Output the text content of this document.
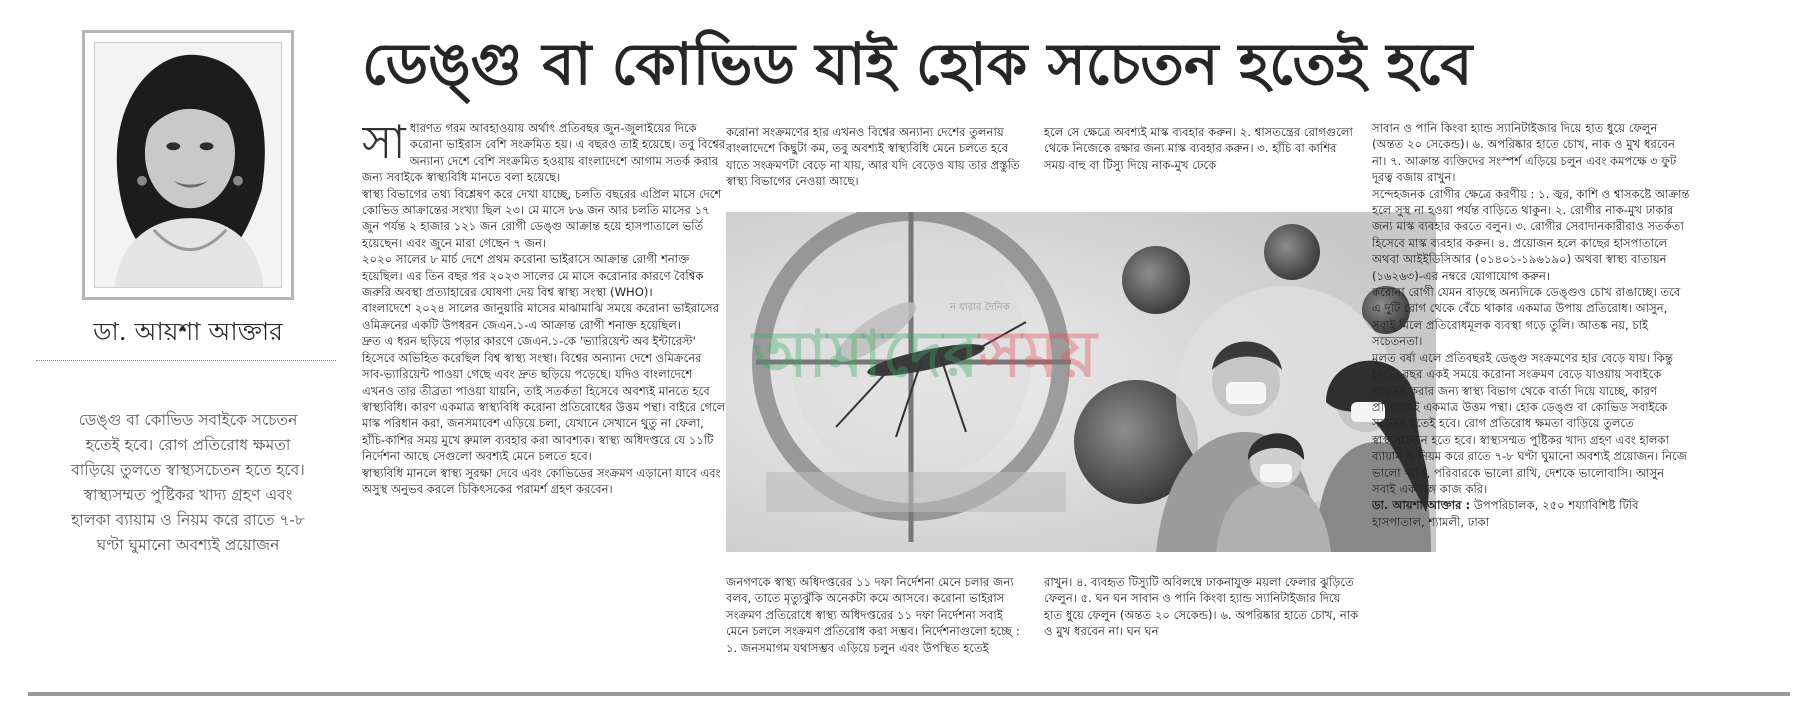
ডা. আয়শা আক্তার
ডেঙ্গু বা কোভিড সবাইকে সচেতন হতেই হবে। রোগ প্রতিরোধ ক্ষমতা বাড়িয়ে তুলতে স্বাস্থ্যসচেতন হতে হবে। স্বাস্থ্যসম্মত পুষ্টিকর খাদ্য গ্রহণ এবং হালকা ব্যায়াম ও নিয়ম করে রাতে ৭-৮ ঘণ্টা ঘুমানো অবশ্যই প্রয়োজন
ডেঙ্গু বা কোভিড যাই হোক সচেতন হতেই হবে
সা ধারণত গরম আবহাওয়ায় অর্থাৎ প্রতিবছর জুন-জুলাইয়ের দিকে করোনা ভাইরাস বেশি সংক্রমিত হয়। এ বছরও তাই হয়েছে। তবু বিশ্বের অন্যান্য দেশে বেশি সংক্রমিত হওয়ায় বাংলাদেশে আগাম সতর্ক করার জন্য সবাইকে স্বাস্থ্যবিধি মানতে বলা হয়েছে।

স্বাস্থ্য বিভাগের তথ্য বিশ্লেষণ করে দেখা যাচ্ছে, চলতি বছরের এপ্রিল মাসে দেশে কোভিড আক্রান্তের সংখ্যা ছিল ২৩। মে মাসে ৮৬ জন আর চলতি মাসের ১৭ জুন পর্যন্ত ২ হাজার ১২১ জন রোগী ডেঙ্গু আক্রান্ত হয়ে হাসপাতালে ভর্তি হয়েছেন। এবং জুনে মারা গেছেন ৭ জন।

২০২০ সালের ৮ মার্চ দেশে প্রথম করোনা ভাইরাসে আক্রান্ত রোগী শনাক্ত হয়েছিল। এর তিন বছর পর ২০২৩ সালের মে মাসে করোনার কারণে বৈশ্বিক জরুরি অবস্থা প্রত্যাহারের ঘোষণা দেয় বিশ্ব স্বাস্থ্য সংস্থা (WHO)।

বাংলাদেশে ২০২৪ সালের জানুয়ারি মাসের মাঝামাঝি সময়ে করোনা ভাইরাসের ওমিক্রনের একটি উপধরন জেএন.১-এ আক্রান্ত রোগী শনাক্ত হয়েছিল।

দ্রুত এ ধরন ছড়িয়ে পড়ার কারণে জেএন.১-কে 'ভ্যারিয়েন্ট অব ইন্টারেস্ট' হিসেবে অভিহিত করেছিল বিশ্ব স্বাস্থ্য সংস্থা। বিশ্বের অন্যান্য দেশে ওমিক্রনের সাব-ভ্যারিয়েন্ট পাওয়া গেছে এবং দ্রুত ছড়িয়ে পড়েছে। যদিও বাংলাদেশে এখনও তার তীব্রতা পাওয়া যায়নি, তাই সতর্কতা হিসেবে অবশ্যই মানতে হবে স্বাস্থ্যবিধি। কারণ একমাত্র স্বাস্থ্যবিধি করোনা প্রতিরোধের উত্তম পন্থা। বাইরে গেলে মাস্ক পরিধান করা, জনসমাবেশ এড়িয়ে চলা, যেখানে সেখানে থুতু না ফেলা, হাঁচি-কাশির সময় মুখে রুমাল ব্যবহার করা আবশ্যক। স্বাস্থ্য অধিদপ্তরে যে ১১টি নির্দেশনা আছে সেগুলো অবশ্যই মেনে চলতে হবে।

স্বাস্থ্যবিধি মানলে স্বাস্থ্য সুরক্ষা দেবে এবং কোভিডের সংক্রমণ এড়ানো যাবে এবং অসুস্থ অনুভব করলে চিকিৎসকের পরামর্শ গ্রহণ করবেন।

করোনা সংক্রমণের হার এখনও বিশ্বের অন্যান্য দেশের তুলনায় বাংলাদেশে কিছুটা কম, তবু অবশ্যই স্বাস্থ্যবিধি মেনে চলতে হবে যাতে সংক্রমণটা বেড়ে না যায়, আর যদি বেড়েও যায় তার প্রস্তুতি স্বাস্থ্য বিভাগের নেওয়া আছে।

হলে সে ক্ষেত্রে অবশ্যই মাস্ক ব্যবহার করুন। ২. শ্বাসতন্ত্রের রোগগুলো থেকে নিজেকে রক্ষার জন্য মাস্ক ব্যবহার করুন। ৩. হাঁচি বা কাশির সময় বাহু বা টিস্যু দিয়ে নাক-মুখ ঢেকে

ন ধারার দৈনিক
আমাদেরসময়

জনগণকে স্বাস্থ্য অধিদপ্তরের ১১ দফা নির্দেশনা মেনে চলার জন্য বলব, তাতে মৃত্যুঝুঁকি অনেকটা কমে আসবে। করোনা ভাইরাস সংক্রমণ প্রতিরোধে স্বাস্থ্য অধিদপ্তরের ১১ দফা নির্দেশনা সবাই মেনে চললে সংক্রমণ প্রতিরোধ করা সম্ভব। নির্দেশনাগুলো হচ্ছে : ১. জনসমাগম যথাসম্ভব এড়িয়ে চলুন এবং উপস্থিত হতেই

রাখুন। ৪. ব্যবহৃত টিস্যুটি অবিলম্বে ঢাকনাযুক্ত ময়লা ফেলার ঝুড়িতে ফেলুন। ৫. ঘন ঘন সাবান ও পানি কিংবা হ্যান্ড স্যানিটাইজার দিয়ে হাত ধুয়ে ফেলুন (অন্তত ২০ সেকেন্ড)। ৬. অপরিষ্কার হাতে চোখ, নাক ও মুখ ধরবেন না। ঘন ঘন

সাবান ও পানি কিংবা হ্যান্ড স্যানিটাইজার দিয়ে হাত ধুয়ে ফেলুন (অন্তত ২০ সেকেন্ড)। ৬. অপরিষ্কার হাতে চোখ, নাক ও মুখ ধরবেন না। ৭. আক্রান্ত ব্যক্তিদের সংস্পর্শ এড়িয়ে চলুন এবং কমপক্ষে ৩ ফুট দূরত্ব বজায় রাখুন।

সন্দেহজনক রোগীর ক্ষেত্রে করণীয় : ১. জ্বর, কাশি ও শ্বাসকষ্টে আক্রান্ত হলে সুস্থ না হওয়া পর্যন্ত বাড়িতে থাকুন। ২. রোগীর নাক-মুখ ঢাকার জন্য মাস্ক ব্যবহার করতে বলুন। ৩. রোগীর সেবাদানকারীরাও সতর্কতা হিসেবে মাস্ক ব্যবহার করুন। ৪. প্রয়োজন হলে কাছের হাসপাতালে অথবা আইইডিসিআর (০১৪০১-১৯৬১৯০) অথবা স্বাস্থ্য বাতায়ন (১৬২৬৩)-এর নম্বরে যোগাযোগ করুন।

করোনা রোগী যেমন বাড়ছে অন্যদিকে ডেঙ্গুও চোখ রাঙাচ্ছে। তবে এ দুটি রোগ থেকে বেঁচে থাকার একমাত্র উপায় প্রতিরোধ। আসুন, সবাই মিলে প্রতিরোধমূলক ব্যবস্থা গড়ে তুলি। আতঙ্ক নয়, চাই সচেতনতা।

মূলত বর্ষা এলে প্রতিবছরই ডেঙ্গু সংক্রমণের হার বেড়ে যায়। কিন্তু চলতি বছর একই সময়ে করোনা সংক্রমণ বেড়ে যাওয়ায় সবাইকে সচেতন করার জন্য স্বাস্থ্য বিভাগ থেকে বার্তা দিয়ে যাচ্ছে, কারণ প্রতিরোধই একমাত্র উত্তম পন্থা। হোক ডেঙ্গু বা কোভিড সবাইকে সচেতন হতেই হবে। রোগ প্রতিরোধ ক্ষমতা বাড়িয়ে তুলতে স্বাস্থ্যসচেতন হতে হবে। স্বাস্থ্যসম্মত পুষ্টিকর খাদ্য গ্রহণ এবং হালকা ব্যায়াম ও নিয়ম করে রাতে ৭-৮ ঘণ্টা ঘুমানো অবশ্যই প্রয়োজন। নিজে ভালো থাকি, পরিবারকে ভালো রাখি, দেশকে ভালোবাসি। আসুন সবাই একসঙ্গে কাজ করি।

ডা. আয়শা আক্তার : উপপরিচালক, ২৫০ শয্যাবিশিষ্ট টিবি হাসপাতাল, শ্যামলী, ঢাকা
